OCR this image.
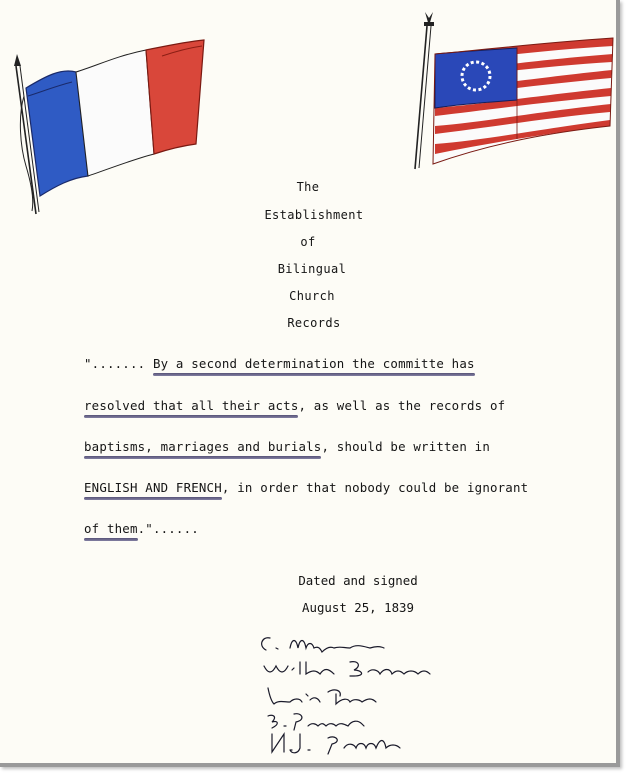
The
Establishment
of
Bilingual
Church
Records
"....... By a second determination the committe has
resolved that all their acts, as well as the records of
baptisms, marriages and burials, should be written in
ENGLISH AND FRENCH, in order that nobody could be ignorant
of them."......
Dated and signed
August 25, 1839
